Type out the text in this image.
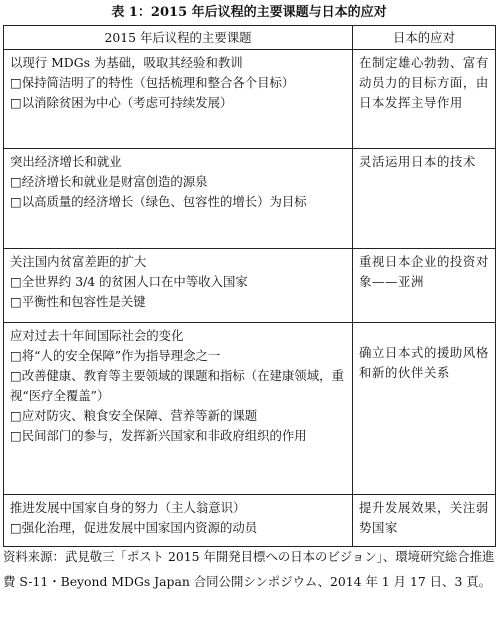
表 1：2015 年后议程的主要课题与日本的应对
2015 年后议程的主要课题	日本的应对

以现行 MDGs 为基础，吸取其经验和教训
□保持简洁明了的特性（包括梳理和整合各个目标）
□以消除贫困为中心（考虑可持续发展）	在制定雄心勃勃、富有动员力的目标方面，由日本发挥主导作用

突出经济增长和就业
□经济增长和就业是财富创造的源泉
□以高质量的经济增长（绿色、包容性的增长）为目标	灵活运用日本的技术

关注国内贫富差距的扩大
□全世界约 3/4 的贫困人口在中等收入国家
□平衡性和包容性是关键	重视日本企业的投资对象——亚洲

应对过去十年间国际社会的变化
□将“人的安全保障”作为指导理念之一
□改善健康、教育等主要领域的课题和指标（在建康领域，重视“医疗全覆盖”）
□应对防灾、粮食安全保障、营养等新的课题
□民间部门的参与，发挥新兴国家和非政府组织的作用	确立日本式的援助风格和新的伙伴关系

推进发展中国家自身的努力（主人翁意识）
□强化治理，促进发展中国家国内资源的动员	提升发展效果，关注弱势国家
资料来源：武見敬三「ポスト 2015 年開発目標への日本のビジョン」、環境研究総合推進費 S-11・Beyond MDGs Japan 合同公開シンポジウム、2014 年 1 月 17 日、3 頁。
